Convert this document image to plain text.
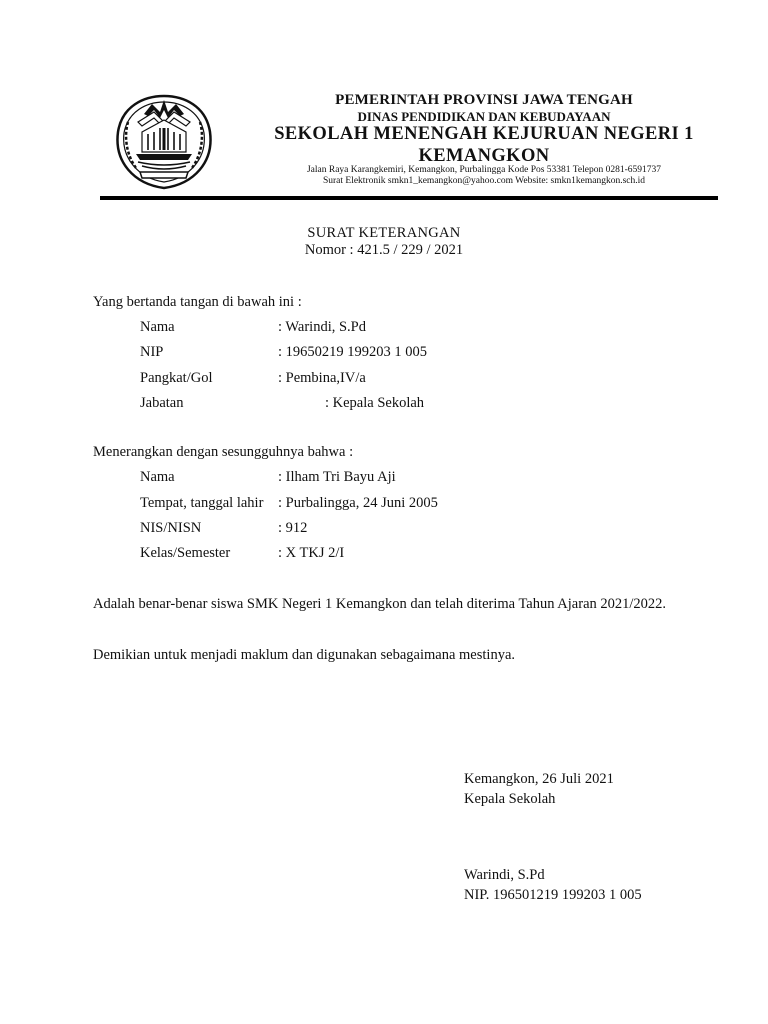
PEMERINTAH PROVINSI JAWA TENGAH
DINAS PENDIDIKAN DAN KEBUDAYAAN
SEKOLAH MENENGAH KEJURUAN NEGERI 1
KEMANGKON
Jalan Raya Karangkemiri, Kemangkon, Purbalingga Kode Pos 53381 Telepon 0281-6591737
Surat Elektronik smkn1_kemangkon@yahoo.com Website: smkn1kemangkon.sch.id
SURAT KETERANGAN
Nomor : 421.5 / 229 / 2021
Yang bertanda tangan di bawah ini :
Nama	: Warindi, S.Pd
NIP	: 19650219 199203 1 005
Pangkat/Gol	: Pembina,IV/a
Jabatan	: Kepala Sekolah
Menerangkan dengan sesungguhnya bahwa :
Nama	: Ilham Tri Bayu Aji
Tempat, tanggal lahir : Purbalingga, 24 Juni 2005
NIS/NISN	: 912
Kelas/Semester	: X TKJ 2/I
Adalah benar-benar siswa SMK Negeri 1 Kemangkon dan telah diterima Tahun Ajaran 2021/2022.
Demikian untuk menjadi maklum dan digunakan sebagaimana mestinya.
Kemangkon, 26 Juli 2021
Kepala Sekolah
Warindi, S.Pd
NIP. 196501219 199203 1 005
